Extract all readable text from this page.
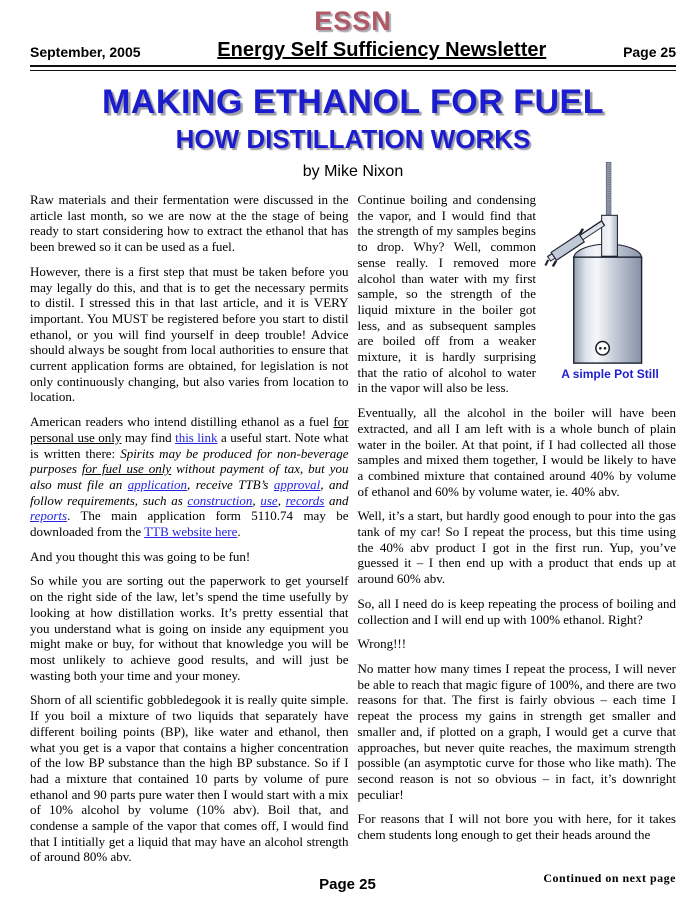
ESSN
September, 2005	Energy Self Sufficiency Newsletter	Page 25
MAKING ETHANOL FOR FUEL
HOW DISTILLATION WORKS
by Mike Nixon

Raw materials and their fermentation were discussed in the article last month, so we are now at the the stage of being ready to start considering how to extract the ethanol that has been brewed so it can be used as a fuel.

However, there is a first step that must be taken before you may legally do this, and that is to get the necessary permits to distil. I stressed this in that last article, and it is VERY important. You MUST be registered before you start to distil ethanol, or you will find yourself in deep trouble! Advice should always be sought from local authorities to ensure that current application forms are obtained, for legislation is not only continuously changing, but also varies from location to location.

American readers who intend distilling ethanol as a fuel for personal use only may find this link a useful start. Note what is written there: Spirits may be produced for non-beverage purposes for fuel use only without payment of tax, but you also must file an application, receive TTB’s approval, and follow requirements, such as construction, use, records and reports. The main application form 5110.74 may be downloaded from the TTB website here.

And you thought this was going to be fun!

So while you are sorting out the paperwork to get yourself on the right side of the law, let’s spend the time usefully by looking at how distillation works. It’s pretty essential that you understand what is going on inside any equipment you might make or buy, for without that knowledge you will be most unlikely to achieve good results, and will just be wasting both your time and your money.

Shorn of all scientific gobbledegook it is really quite simple. If you boil a mixture of two liquids that separately have different boiling points (BP), like water and ethanol, then what you get is a vapor that contains a higher concentration of the low BP substance than the high BP substance. So if I had a mixture that contained 10 parts by volume of pure ethanol and 90 parts pure water then I would start with a mix of 10% alcohol by volume (10% abv). Boil that, and condense a sample of the vapor that comes off, I would find that I intitially get a liquid that may have an alcohol strength of around 80% abv.

A simple Pot Still

Continue boiling and condensing the vapor, and I would find that the strength of my samples begins to drop. Why? Well, common sense really. I removed more alcohol than water with my first sample, so the strength of the liquid mixture in the boiler got less, and as subsequent samples are boiled off from a weaker mixture, it is hardly surprising that the ratio of alcohol to water in the vapor will also be less.

Eventually, all the alcohol in the boiler will have been extracted, and all I am left with is a whole bunch of plain water in the boiler. At that point, if I had collected all those samples and mixed them together, I would be likely to have a combined mixture that contained around 40% by volume of ethanol and 60% by volume water, ie. 40% abv.

Well, it’s a start, but hardly good enough to pour into the gas tank of my car! So I repeat the process, but this time using the 40% abv product I got in the first run. Yup, you’ve guessed it – I then end up with a product that ends up at around 60% abv.

So, all I need do is keep repeating the process of boiling and collection and I will end up with 100% ethanol. Right?

Wrong!!!

No matter how many times I repeat the process, I will never be able to reach that magic figure of 100%, and there are two reasons for that. The first is fairly obvious – each time I repeat the process my gains in strength get smaller and smaller and, if plotted on a graph, I would get a curve that approaches, but never quite reaches, the maximum strength possible (an asymptotic curve for those who like math). The second reason is not so obvious – in fact, it’s downright peculiar!

For reasons that I will not bore you with here, for it takes chem students long enough to get their heads around the

Continued on next page
Page 25
